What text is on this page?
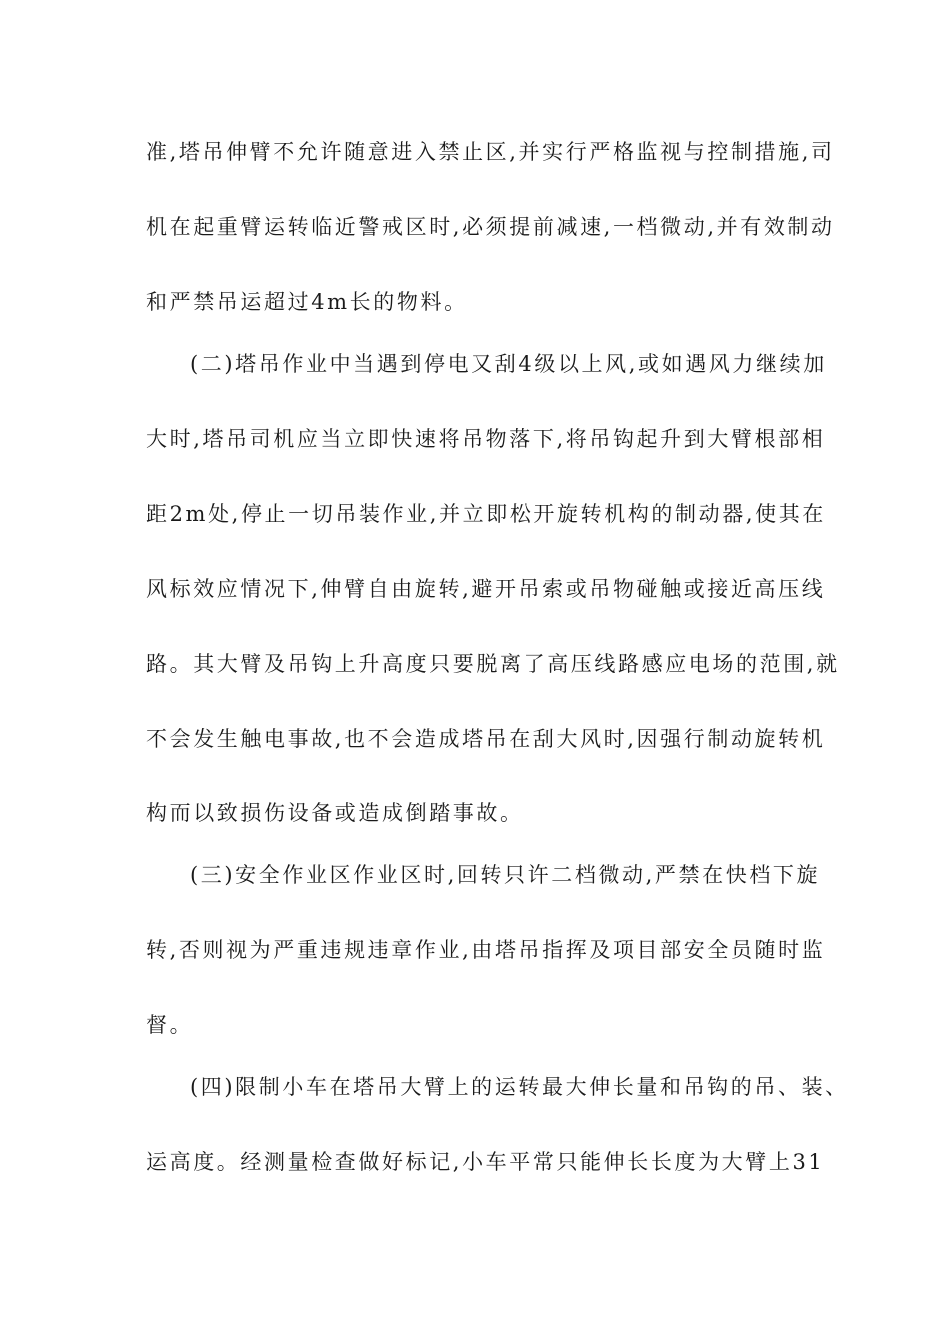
准,塔吊伸臂不允许随意进入禁止区,并实行严格监视与控制措施,司
机在起重臂运转临近警戒区时,必须提前减速,一档微动,并有效制动
和严禁吊运超过4m长的物料。
(二)塔吊作业中当遇到停电又刮4级以上风,或如遇风力继续加
大时,塔吊司机应当立即快速将吊物落下,将吊钩起升到大臂根部相
距2m处,停止一切吊装作业,并立即松开旋转机构的制动器,使其在
风标效应情况下,伸臂自由旋转,避开吊索或吊物碰触或接近高压线
路。其大臂及吊钩上升高度只要脱离了高压线路感应电场的范围,就
不会发生触电事故,也不会造成塔吊在刮大风时,因强行制动旋转机
构而以致损伤设备或造成倒踏事故。
(三)安全作业区作业区时,回转只许二档微动,严禁在快档下旋
转,否则视为严重违规违章作业,由塔吊指挥及项目部安全员随时监
督。
(四)限制小车在塔吊大臂上的运转最大伸长量和吊钩的吊、装、
运高度。经测量检查做好标记,小车平常只能伸长长度为大臂上31
